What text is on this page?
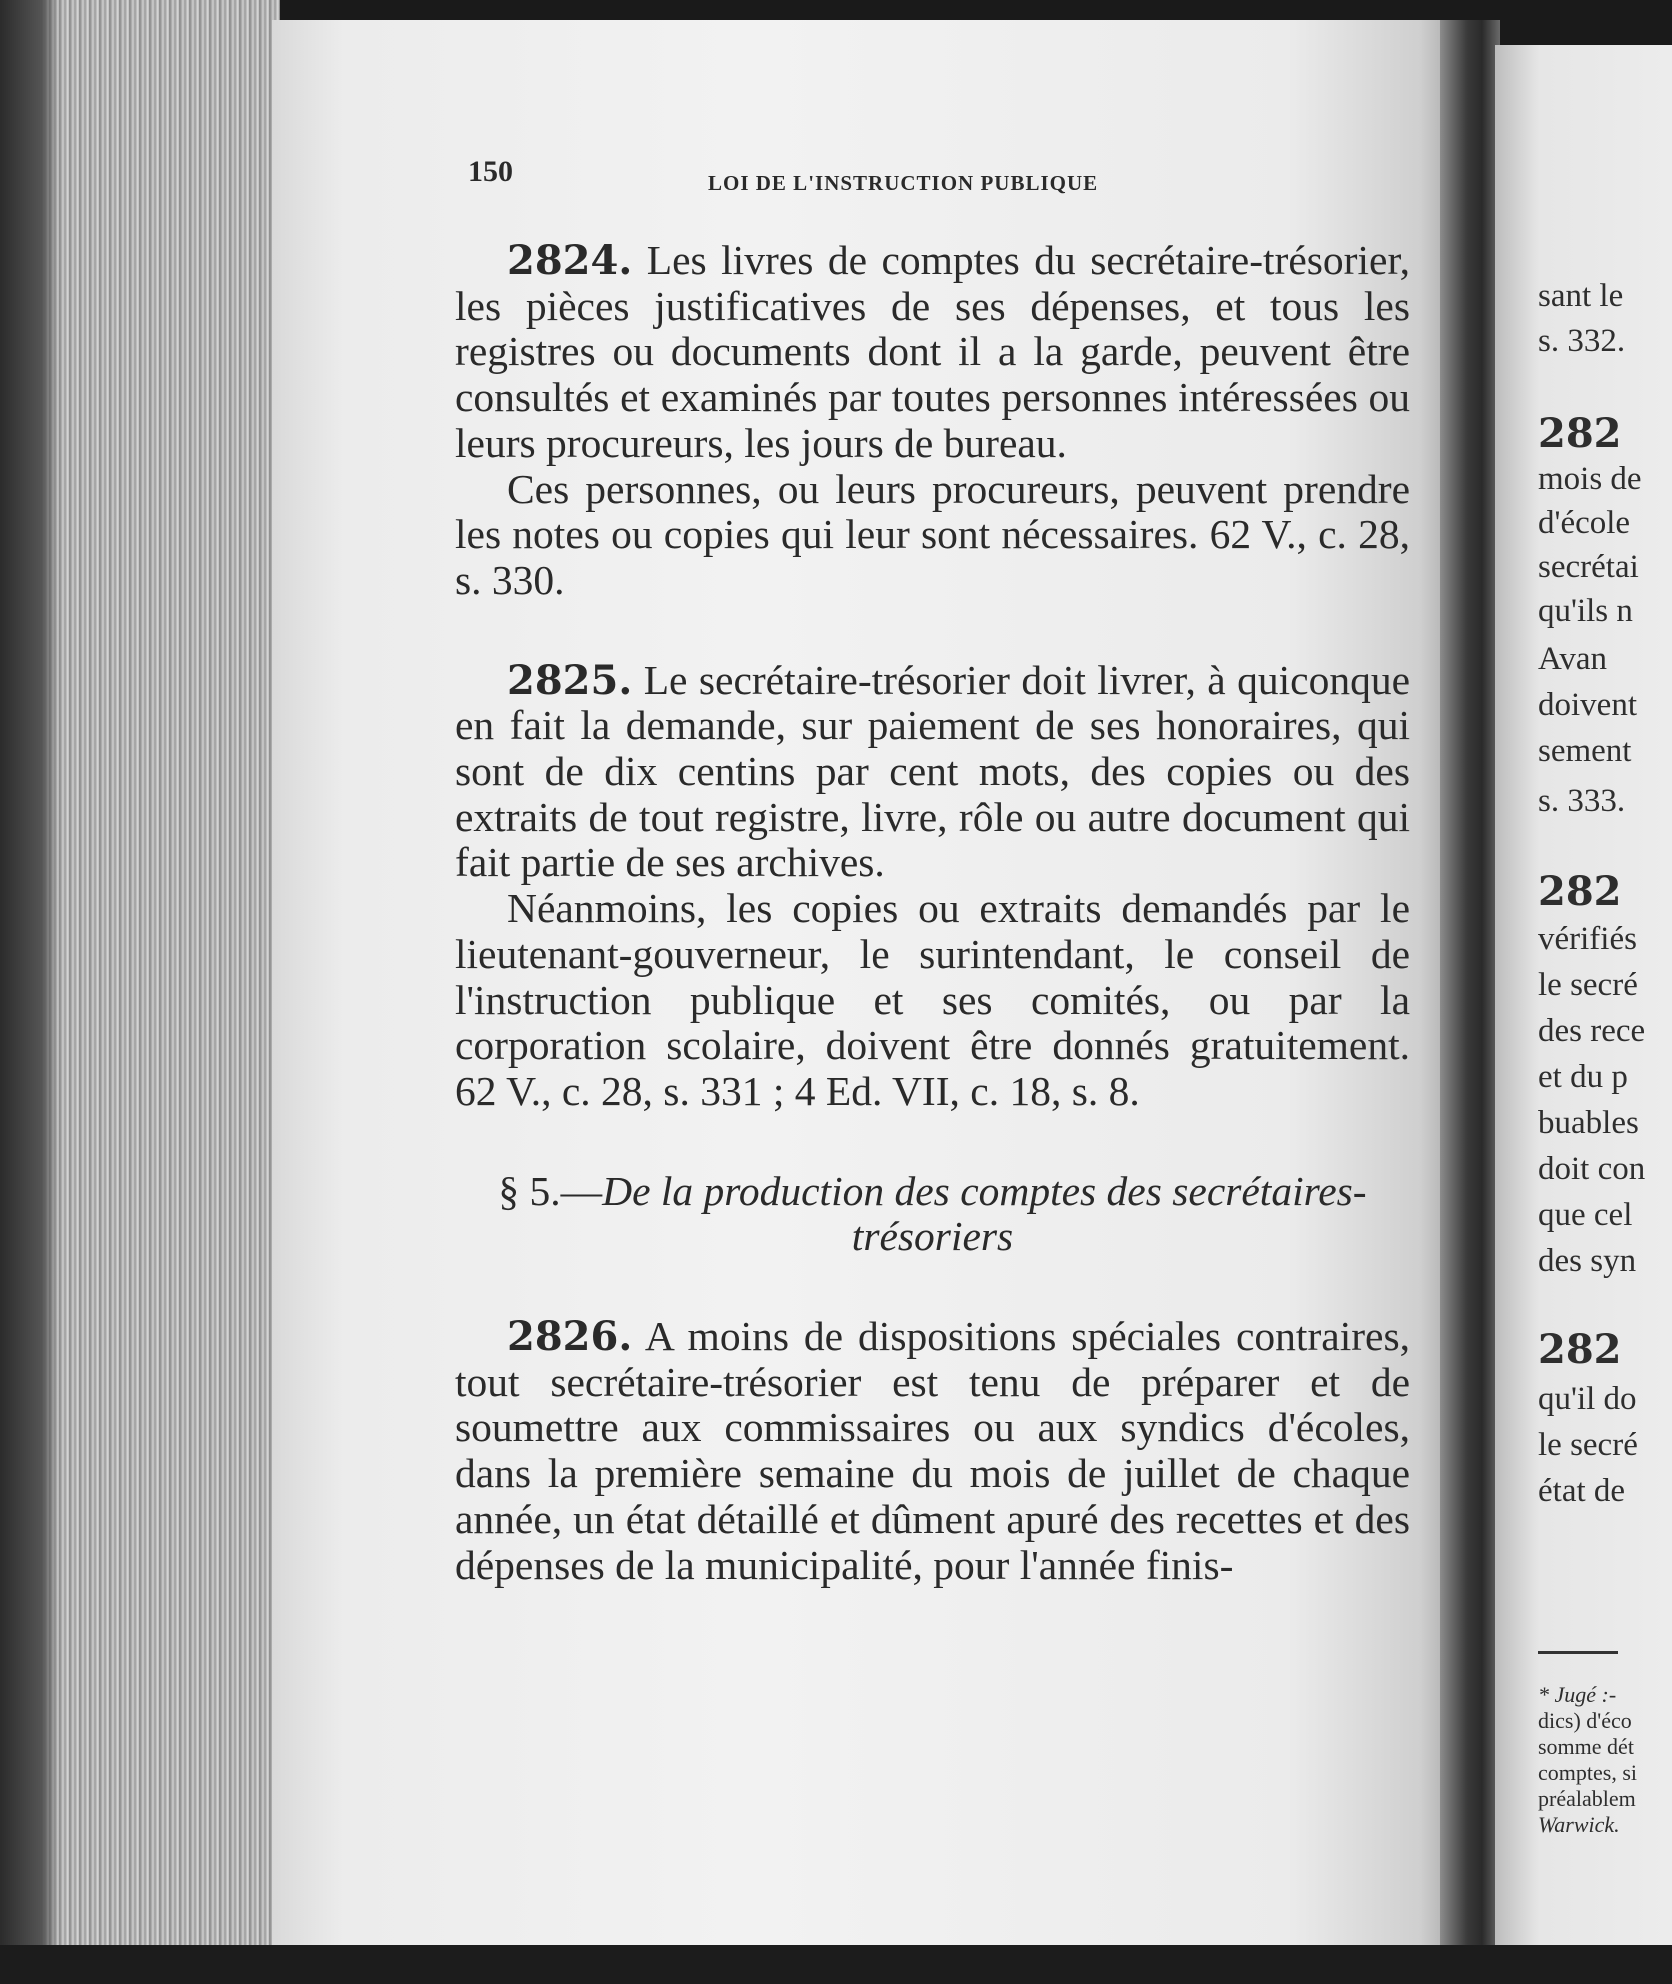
150	LOI DE L'INSTRUCTION PUBLIQUE

2824. Les livres de comptes du secrétaire-trésorier, les pièces justificatives de ses dépenses, et tous les registres ou documents dont il a la garde, peuvent être consultés et examinés par toutes personnes intéressées ou leurs procureurs, les jours de bureau.

Ces personnes, ou leurs procureurs, peuvent prendre les notes ou copies qui leur sont nécessaires. 62 V., c. 28, s. 330.

2825. Le secrétaire-trésorier doit livrer, à quiconque en fait la demande, sur paiement de ses honoraires, qui sont de dix centins par cent mots, des copies ou des extraits de tout registre, livre, rôle ou autre document qui fait partie de ses archives.

Néanmoins, les copies ou extraits demandés par le lieutenant-gouverneur, le surintendant, le conseil de l'instruction publique et ses comités, ou par la corporation scolaire, doivent être donnés gratuitement. 62 V., c. 28, s. 331 ; 4 Ed. VII, c. 18, s. 8.

§ 5.—De la production des comptes des secrétaires-trésoriers

2826. A moins de dispositions spéciales contraires, tout secrétaire-trésorier est tenu de préparer et de soumettre aux commissaires ou aux syndics d'écoles, dans la première semaine du mois de juillet de chaque année, un état détaillé et dûment apuré des recettes et des dépenses de la municipalité, pour l'année finis-

sant le
s. 332.
282
mois de
d'école
secrétai
qu'ils n
Avan
doivent
sement
s. 333.
282
vérifiés
le secré
des rece
et du p
buables
doit con
que cel
des syn
282
qu'il do
le secré
état de
* Jugé :-
dics) d'éco
somme dét
comptes, si
préalablem
Warwick.
